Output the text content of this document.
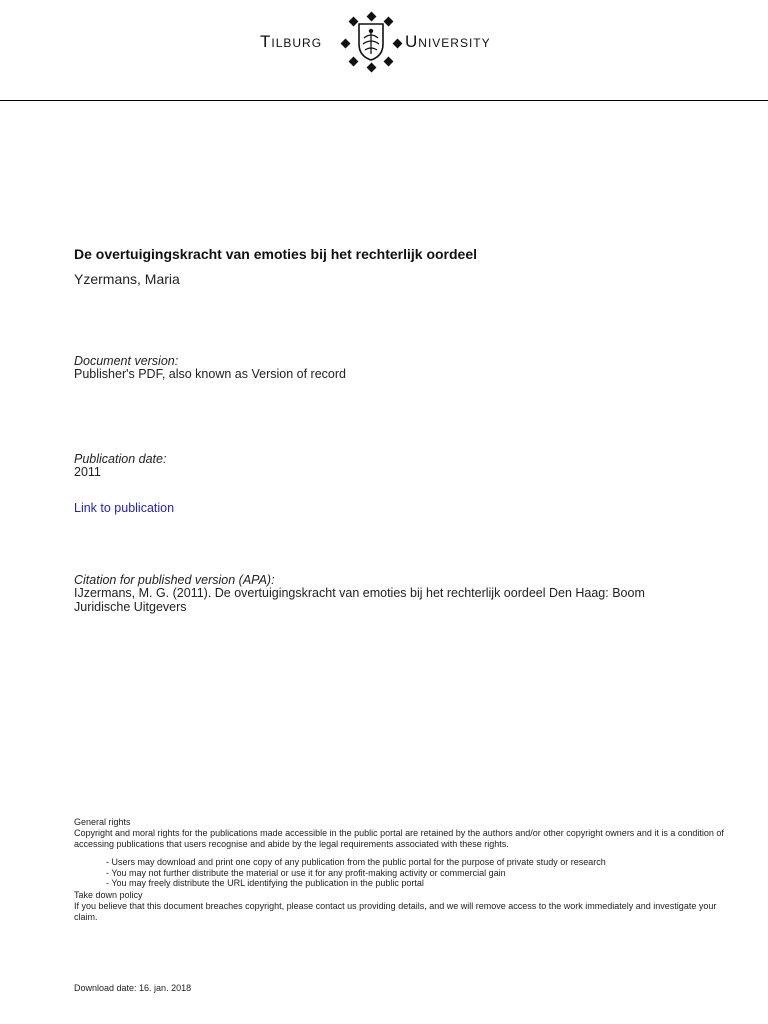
Tilburg	University
De overtuigingskracht van emoties bij het rechterlijk oordeel
Yzermans, Maria
Document version:
Publisher's PDF, also known as Version of record
Publication date:
2011
Link to publication
Citation for published version (APA):
IJzermans, M. G. (2011). De overtuigingskracht van emoties bij het rechterlijk oordeel Den Haag: Boom Juridische Uitgevers
General rights
Copyright and moral rights for the publications made accessible in the public portal are retained by the authors and/or other copyright owners and it is a condition of accessing publications that users recognise and abide by the legal requirements associated with these rights.
- Users may download and print one copy of any publication from the public portal for the purpose of private study or research
- You may not further distribute the material or use it for any profit-making activity or commercial gain
- You may freely distribute the URL identifying the publication in the public portal
Take down policy
If you believe that this document breaches copyright, please contact us providing details, and we will remove access to the work immediately and investigate your claim.
Download date: 16. jan. 2018
